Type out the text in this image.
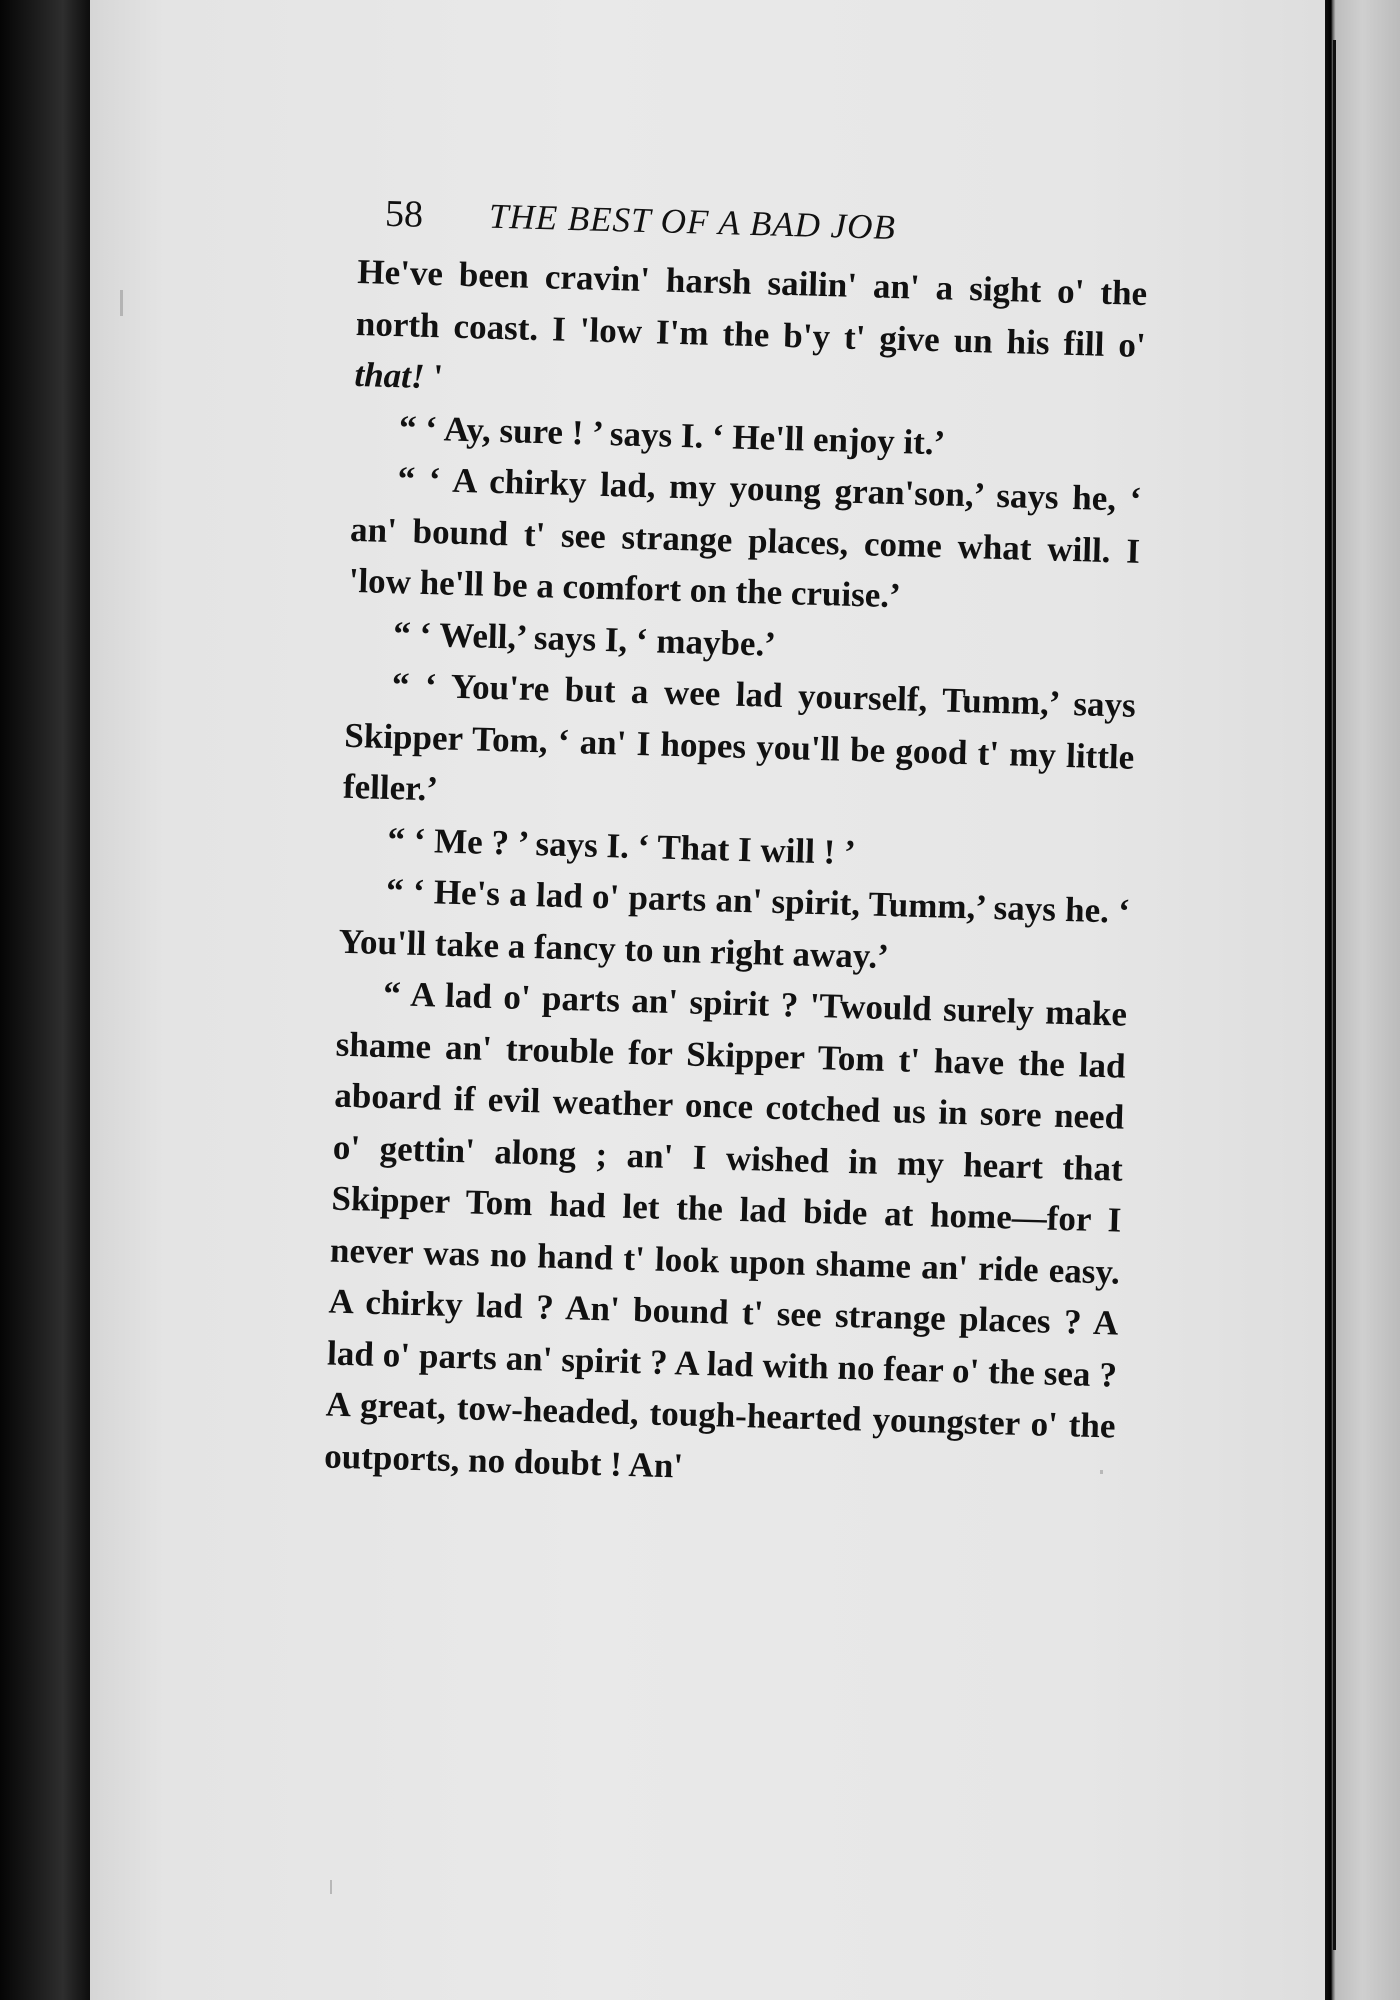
58 THE BEST OF A BAD JOB

He've been cravin' harsh sailin' an' a sight o' the north coast. I 'low I'm the b'y t' give un his fill o' that! '

“ ‘ Ay, sure ! ’ says I. ‘ He'll enjoy it.’

“ ‘ A chirky lad, my young gran'son,’ says he, ‘ an' bound t' see strange places, come what will. I 'low he'll be a comfort on the cruise.’

“ ‘ Well,’ says I, ‘ maybe.’

“ ‘ You're but a wee lad yourself, Tumm,’ says Skipper Tom, ‘ an' I hopes you'll be good t' my little feller.’

“ ‘ Me ? ’ says I. ‘ That I will ! ’

“ ‘ He's a lad o' parts an' spirit, Tumm,’ says he. ‘ You'll take a fancy to un right away.’

“ A lad o' parts an' spirit ? 'Twould surely make shame an' trouble for Skipper Tom t' have the lad aboard if evil weather once cotched us in sore need o' gettin' along ; an' I wished in my heart that Skipper Tom had let the lad bide at home—for I never was no hand t' look upon shame an' ride easy. A chirky lad ? An' bound t' see strange places ? A lad o' parts an' spirit ? A lad with no fear o' the sea ? A great, tow-headed, tough-hearted youngster o' the outports, no doubt ! An'
